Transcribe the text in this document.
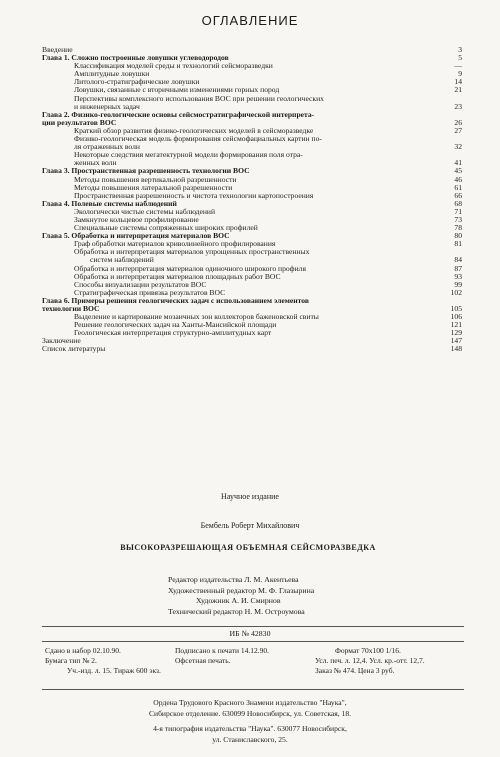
ОГЛАВЛЕНИЕ
Введение	3
Глава 1. Сложно построенные ловушки углеводородов	5
Классификация моделей среды и технологий сейсморазведки	—
Амплитудные ловушки	9
Литолого-стратиграфические ловушки	14
Ловушки, связанные с вторичными изменениями горных пород	21
Перспективы комплексного использования ВОС при решении геологических
и инженерных задач	23
Глава 2. Физико-геологические основы сейсмостратиграфической интерпрета-
ции результатов ВОС	26
Краткий обзор развития физико-геологических моделей в сейсморазведке	27
Физико-геологическая модель формирования сейсмофациальных картин по-
ля отраженных волн	32
Некоторые следствия мегатектурной модели формирования поля отра-
женных волн	41
Глава 3. Пространственная разрешенность технологии ВОС	45
Методы повышения вертикальной разрешенности	46
Методы повышения латеральной разрешенности	61
Пространственная разрешенность и чистота технологии картопостроения	66
Глава 4. Полевые системы наблюдений	68
Экологически чистые системы наблюдений	71
Замкнутое кольцевое профилирование	73
Специальные системы сопряженных широких профилей	78
Глава 5. Обработка и интерпретация материалов ВОС	80
Граф обработки материалов криволинейного профилирования	81
Обработка и интерпретация материалов упрощенных пространственных
систем наблюдений	84
Обработка и интерпретация материалов одиночного широкого профиля	87
Обработка и интерпретация материалов площадных работ ВОС	93
Способы визуализации результатов ВОС	99
Стратиграфическая привязка результатов ВОС	102
Глава 6. Примеры решения геологических задач с использованием элементов
технологии ВОС	105
Выделение и картирование мозаичных зон коллекторов баженовской свиты	106
Решение геологических задач на Ханты-Мансийской площади	121
Геологическая интерпретация структурно-амплитудных карт	129
Заключение	147
Список литературы	148
Научное издание
Бембель Роберт Михайлович
ВЫСОКОРАЗРЕШАЮЩАЯ ОБЪЕМНАЯ СЕЙСМОРАЗВЕДКА
Редактор издательства Л. М. Акентьева
Художественный редактор М. Ф. Глазырина
Художник А. И. Смирнов
Технический редактор Н. М. Остроумова
ИБ № 42830
Сдано в набор 02.10.90.	Подписано к печати 14.12.90.	Формат 70х100 1/16.
Бумага тип № 2.	Офсетная печать.	Усл. печ. л. 12,4. Усл. кр.-отт. 12,7.
Уч.-изд. л. 15. Тираж 600 экз.	Заказ № 474. Цена 3 руб.
Ордена Трудового Красного Знамени издательство "Наука",
Сибирское отделение. 630099 Новосибирск, ул. Советская, 18.
4-я типография издательства "Наука". 630077 Новосибирск,
ул. Станиславского, 25.
